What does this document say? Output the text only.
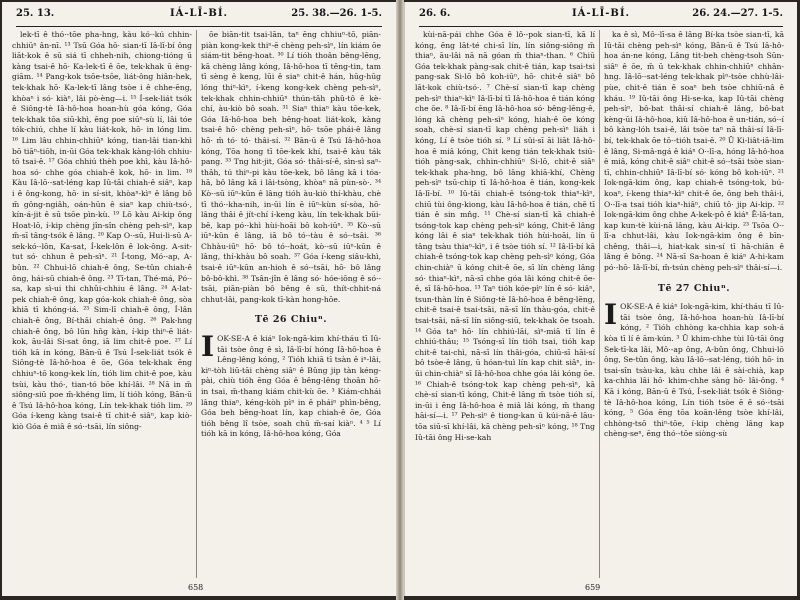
25. 13.	IÁ-LĪ-BÍ.	25. 38.—26. 1-5.

lek-tī ê thó·-tōe pha-hng, kàu kó·-kú chhin-chhiūⁿ ân-nī. ¹³ Tsū Góa hō· sian-tī Iā-lī-bí ông liāt-kok ê sū siá tī chheh-nih, chiong-tióng ū kàng tsai-ê hō· Ka-lek-tī ê ōe, tek-khak ū èng-giām. ¹⁴ Pang-kok tsōe-tsōe, liát-ông hiân-hek, tek-khak hō· Ka-lek-tī lâng tsòe i ê chhe-ēng, khòaⁿ i só· kiàⁿ, lâi pò-èng—i. ¹⁵ Í-sek-liát tsók ê Siông-tè Iâ-hô-hoa hoan-hù góa kóng, Góa tek-khak tōa siū-khì, ēng poe siūⁿ-sù lí, lâi tóe tók-chiú, chhe lí kàu liát-kok, hō· in lóng lim. ¹⁶ Lim lâu chhin-chhiūⁿ kóng, tian-lâi tian-khì bō tiāⁿ-tiōh, in-ūi Góa tek-khak kàng-lóh chhiu-tō tsai-ê. ¹⁷ Góa chhiú thèh poe khì, kàu Iâ-hô-hoa só· chhe góa chiah-ê kok, hō· in lim. ¹⁸ Kàu Iâ-lō·-sat-léng kap Iû-tāi chiah-ê siâⁿ, kap i ê ông-kong, hō· in sí-sit, khòaⁿ-kìⁿ ê lâng bô m̄ gông-ngiâh, oán-hūn ê siaⁿ kap chiù-tsó·, kín-á-jit ê sū tsōe pìn-kù. ¹⁹ Lō kàu Ai-kip ông Hoat-lō, í-kip chèng jîn-sîn chèng peh-sìⁿ, kap m̄-sī tâng-tsók ê lâng. ²⁰ Kap O·-sū, Hui-li-sū A-sek-kó·-lôn, Ka-sat, Í-kek-lôn ê lok-ông. A-sit-tut só· chhun ê peh-sìⁿ. ²¹ Í-tong, Mó·-ap, A-bûn. ²² Chhui-lō chiah-ê ông, Se-tûn chiah-ê ông, hái-sū chiah-ê ông. ²³ Tī-tan, Thé-má, Pó·-sa, kap sì-ui thi chhûi-chhiu ê lâng. ²⁴ A-lat-pek chiah-ê ông, kap góa-kok chiah-ê ông, sòa khiā tī khóng-iá. ²⁵ Sim-lī chiah-ê ông, Í-lân chiah-ê ông, Bí-thâi chiah-ê ông. ²⁶ Pak-hng chiah-ê ông, bô lūn hn̄g kàn, í-kip thiⁿ-ē liát-kok, āu-lâi Si-sat ông, iā lim chit-ê poe. ²⁷ Lí tióh kā in kóng, Bān-ū ê Tsú Í-sek-liát tsók ê Siông-tè Iâ-hô-hoa ê ōe, Góa tek-khak ēng chhiuⁿ-tō kong-kek lín, tióh lim chit-ê poe, kàu tsùi, kàu thó·, tian-tó bōe khí-lâi. ²⁸ Nā in m̄ siông-siū poe m̄-khéng lim, lí tióh kóng, Bān-ū ê Tsú Iâ-hô-hoa kóng, Lín tek-khak tióh lim. ²⁹ Góa í-keng kàng tsai-ê tī chit-ê siâⁿ, kap kiò-kiò Góa ê miâ ê só·-tsāi, lín siông-

ōe biān-tit tsai-lān, taⁿ ēng chhiuⁿ-tō, piān-piàn kong-kek thiⁿ-ē chèng peh-sìⁿ, lín kiám ōe siám-tit bēng-hoat. ³⁰ Lí tióh thoân bêng-lēng, kā chèng lâng kóng, Iâ-hô-hoa tī têng-tin, tam tī sèng ê keng, lūi ê siaⁿ chit-ê hán, hūg-hūg lóng thiⁿ-kìⁿ, í-keng kong-kek chèng peh-sìⁿ, tek-khak chhin-chhiūⁿ thún-tâh phû-tô ê kè-chí, àu-kiò bô soah. ³¹ Siaⁿ thiaⁿ kàu tōe-kek, Góa Iâ-hô-hoa beh bêng-hoat liát-kok, kàng tsai-ê hō· chèng peh-sìⁿ, hō· tsōe phái-ê lâng hō· m̄ tó· tó· thâi-sí. ³² Bān-ū ê Tsú Iâ-hô-hoa kóng, Tōa hong tī tōe-kek khí, tsai-ê kàu ták pang. ³³ Tng hit-jit, Góa só· thâi-sí-ê, sìn-sì saⁿ-thâh, tú thiⁿ-pi kàu tōe-kek, bô lâng kâ i tóa-hā, bô lâng kâ i lâi-tsòng, khòaⁿ nā pùn-sò·. ³⁴ Kò·-sū iūⁿ-kūn ê lâng tióh àu-kiò thí-khàu, chè tī thó·-kha-nih, in-ūi lín ē iūⁿ-kùn sí-sòa, hō· lâng thâi ê jít-chí í-keng kàu, lín tek-khak būi-bē, kap pó·-khì hùi-hoāi bô koh-iūⁿ. ³⁵ Kò·-sū iūⁿ-kūn ê lâng, iā bô tó·-tàu ê só·-tsāi. ³⁶ Chhàu-iūⁿ hō· bô tó·-hoát, kò·-sū iūⁿ-kūn ê lâng, thí-khàu bô soah. ³⁷ Góa í-keng siâu-khì, tsai-ê iūⁿ-kūn an-hioh ê só·-tsāi, hō· bô lâng bô-bô-khì. ³⁸ Tsân-jîn ê lâng só· hóe-iōng ê só·-tsāi, piān-piàn bô bêng ê sū, thít-chhit-ná chhut-lâi, pang-kok tī-kàn hong-hōe.

Tē 26 Chiuⁿ.

IOK-SE-A ê kiáⁿ Iok-ngā-kim khí-tháu tī Iû-tāi tsòe ông ê sì, Iâ-lī-bí hóng Iâ-hô-hoa ê Lêng-lêng kóng, ² Tióh khiā tī tsàn ê iⁿ-lâi, kiⁿ-tòh liū-tāi chèng siâⁿ ê Bûng jip tàn kéng-pài, chiù tióh ēng Góa ê bêng-lêng thoân hō· in tsai, m̄-thang kiám chit-kù ōe. ³ Kiám-chhái lâng thiaⁿ, kéng-kòh pìⁿ in ê pháiⁿ phìn-bêng, Góa beh bêng-hoat lín, kap chiah-ê ōe, Góa tióh bêng lî tsòe, soah chū m̄-saí kiàⁿ. ⁴ ⁵ Lí tióh kā in kóng, Iâ-hô-hoa kóng, Góa

658
26. 6.	IÁ-LĪ-BÍ.	26. 24.—27. 1-5.

kùi-nā-pái chhe Góa ê lô·-pok sian-tī, kā lí kóng, ēng lāt-té chi-sī lín, lín siông-siông m̄ thiaⁿ, āu-lâi nā nā góan m̄ thiaⁿ-than. ⁶ Chiū Góa tek-khak pàng-sak chit-ê tián, kap tsai-tsi pang-sak Si-lō bô koh-iūⁿ, hō· chit-ê siâⁿ bô lāt-kok chiù-tsó·. ⁷ Chè-sí sian-tī kap chèng peh-sìⁿ thiaⁿ-kìⁿ Iâ-lī-bí tī Iâ-hô-hoa ê tián kóng che ōe. ⁸ Iâ-lī-bí ēng Iâ-hô-hoa só· bêng-lēng-ê, lóng kā chèng peh-sìⁿ kóng, hiah-ê ōe kóng soah, chè-sí sian-tī kap chèng peh-sìⁿ liáh i kóng, Lí ê tsòe tióh sí. ⁹ Lí sûi-sī āi liāt Iâ-hô-hoa ê miâ kóng, Chit keng tián tek-khak tsiū-tióh pàng-sak, chhin-chhiūⁿ Si-lō, chit-ê siâⁿ tek-khak pha-hng, bô lâng khiā-khí, Chèng peh-sìⁿ tsū-chip tī Iâ-hô-hoa ê tián, kong-kek Iâ-lī-bí. ¹⁰ Iû-tāi chiah-ê tsóng-tok thiaⁿ-kìⁿ, chiū tùi ông-kiong, kàu Iâ-hô-hoa ê tián, chē tī tián ê sin mn̂g. ¹¹ Chè-sí sian-tī kā chiah-ê tsóng-tok kap chèng peh-sìⁿ kóng, Chit-ê lâng kóng lâi ê siaⁿ tek-khak tióh hùi-hoāi, lín ū tâng tsàu thiaⁿ-kìⁿ, i ê tsòe tióh sí. ¹² Iâ-lī-bí kā chiah-ê tsóng-tok kap chèng peh-sìⁿ kóng, Góa chin-chiàⁿ ū kóng chit-ê ōe, sī lín chèng lâng só· thiaⁿ-kìⁿ, nā-sī chhe góa lâi kóng chit-ê ōe-ê, sī Iâ-hô-hoa. ¹³ Taⁿ tióh kóe-pìⁿ lín ê só· kiâⁿ, tsun-thàn lín ê Siông-tè Iâ-hô-hoa ê bêng-lēng, chit-ê tsai-ê tsai-tsāi, nā-sī lín thàu-góa, chit-ê tsai-tsāi, nā-sī lín siông-siū, tek-khak ōe tsoah. ¹⁴ Góa taⁿ hō· lín chhiú-lāi, sìⁿ-miā tī lín ê chhiú-thâu; ¹⁵ Tsóng-sī lín tióh tsai, tióh kap chit-ê tai-chì, nā-sī lín thâi-góa, chiū-sī hāi-sí bô tsòe-ê lâng, ū hóan-tuì lín kap chit siâⁿ, in-ūi chin-chiàⁿ sī Iâ-hô-hoa chhe góa lâi kóng ōe. ¹⁶ Chiah-ê tsóng-tok kap chèng peh-sìⁿ, kā chè-sí sian-tī kóng, Chit-ê lâng m̄ tsòe tióh sí, in-ūi i ēng Iâ-hô-hoa ê miâ lâi kóng, m̄ thang hāi-sí—i. ¹⁷ Peh-sìⁿ ê tiong-kan ū kúi-nā-ê lāu-tōa siū-sī khí-lâi, kā chèng peh-sìⁿ kóng, ¹⁸ Tng Iû-tāi ông Hi-se-kah

ka ê sì, Mô·-lī-sa ê lâng Bí-ka tsòe sian-tī, kā Iû-tāi chèng peh-sìⁿ kóng, Bān-ū ê Tsú Iâ-hô-hoa án-ne kóng, Lâng tit-beh chèng-tsoh Sūn-siâⁿ ê ōe, m̄ ū tek-khak chhin-chhiūⁿ chhân-hng. Iâ-lō·-sat-léng tek-khak pìⁿ-tsòe chhù-lâi-pùe, chit-ê tián ê soaⁿ beh tsòe chhiū-nâ ê kháu. ¹⁹ Iû-tāi ông Hi-se-ka, kap Iû-tāi chèng peh-sìⁿ, bô-bat thâi-sí chiah-ê lâng, bô-bat kèng-ūi Iâ-hô-hoa, kiû Iâ-hô-hoa ê un-tián, só·-í bô kàng-lóh tsai-ê, lâi tsòe taⁿ nā thâi-sí Iâ-lī-bí, tek-khak ōe tō·-tióh tsai-ē. ²⁰ Ū Ki-liât-iā-lim ê lâng, Si-mâ-ngá ê kiáⁿ O·-lī-a, hóng Iâ-hô-hoa ê miâ, kóng chit-ê siâⁿ chit-ê só·-tsāi tsòe sian-tī, chhin-chhiūⁿ Iâ-lī-bí só· kóng bô koh-iūⁿ. ²¹ Iok-ngā-kim ông, kap chiah-ê tsóng-tok, bú-koaⁿ, í-keng thiaⁿ-kìⁿ chit-ê ōe, ông beh thâi-i, O·-lī-a tsai tióh kiaⁿ-hiâⁿ, chiū tô· jip Ai-kip. ²² Iok-ngā-kim ông chhe A-kek-pô ê kiáⁿ Ē-lā-tan, kap kun-tè kùi-nā lâng, kàu Ai-kip. ²³ Tsōa O·-lī-a chhut-lâi, kàu Iok-ngā-kim ông ê bīn-chêng, thâi—i, hiat-kak sin-sí tī hā-chiān ê lâng ê bōng. ²⁴ Nā-sī Sa-hoan ê kiáⁿ A-hi-kam pó·-hō· Iâ-lī-bí, m̄-tsún chèng peh-sìⁿ thâi-sí—i.

Tē 27 Chiuⁿ.

IOK-SE-A ê kiáⁿ Iok-ngā-kim, khí-tháu tī Iû-tāi tsòe ông, Iâ-hô-hoa hoan-hù Iâ-lī-bí kóng, ² Tióh chhòng ka-chhia kap soh-á kòa tī lí ê ām-kún. ³ Ū khim-chhe tùi Iû-tāi ông Sek-tī-ka lâi, Mô·-ap ông, A-bûn ông, Chhui-lō ông, Se-tûn ông, kàu Iâ-lō·-sat-léng, tióh hō· in tsai-sîn tsàu-ka, kàu chhe lâi ê sài-chià, kap ka-chhia lâi hō· khim-chhe sàng hō· lâi-ông. ⁴ Kā i kóng, Bān-ū ê Tsú, Í-sek-liát tsók ê Siông-tè Iâ-hô-hoa kóng, Lín tióh tsòe ē ê só·-tsāi kóng, ⁵ Góa ēng tōa koān-lêng tsòe khí-lâi, chhòng-tsō thiⁿ-tōe, í-kip chèng lâng kap chèng-seⁿ, ēng thó·-tōe siòng-sù

659
